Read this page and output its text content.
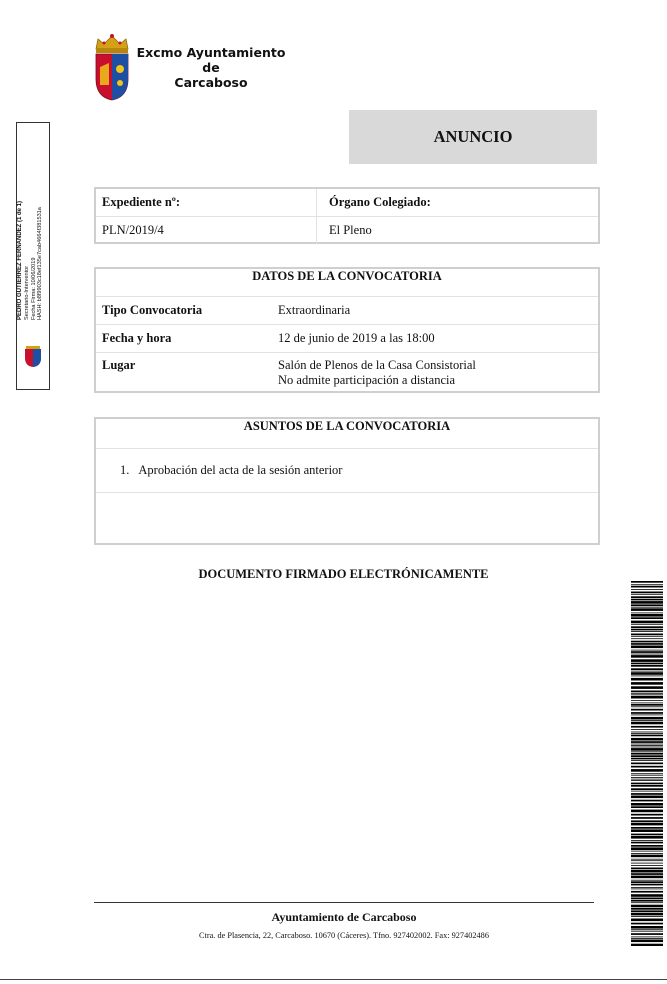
Excmo Ayuntamiento
de
Carcaboso
ANUNCIO
Expediente nº:	Órgano Colegiado:
PLN/2019/4	El Pleno
DATOS DE LA CONVOCATORIA
Tipo Convocatoria	Extraordinaria
Fecha y hora	12 de junio de 2019 a las 18:00
Lugar	Salón de Plenos de la Casa Consistorial
No admite participación a distancia
ASUNTOS DE LA CONVOCATORIA
1. Aprobación del acta de la sesión anterior
DOCUMENTO FIRMADO ELECTRÓNICAMENTE
PEDRO GUTIERREZ FERNANDEZ (1 de 1) Secretario-Interventor Fecha Firma: 10/06/2019 HASH: b8f9903c18ef135e7cab4664f381531a
Ayuntamiento de Carcaboso
Ctra. de Plasencia, 22, Carcaboso. 10670 (Cáceres). Tfno. 927402002. Fax: 927402486
